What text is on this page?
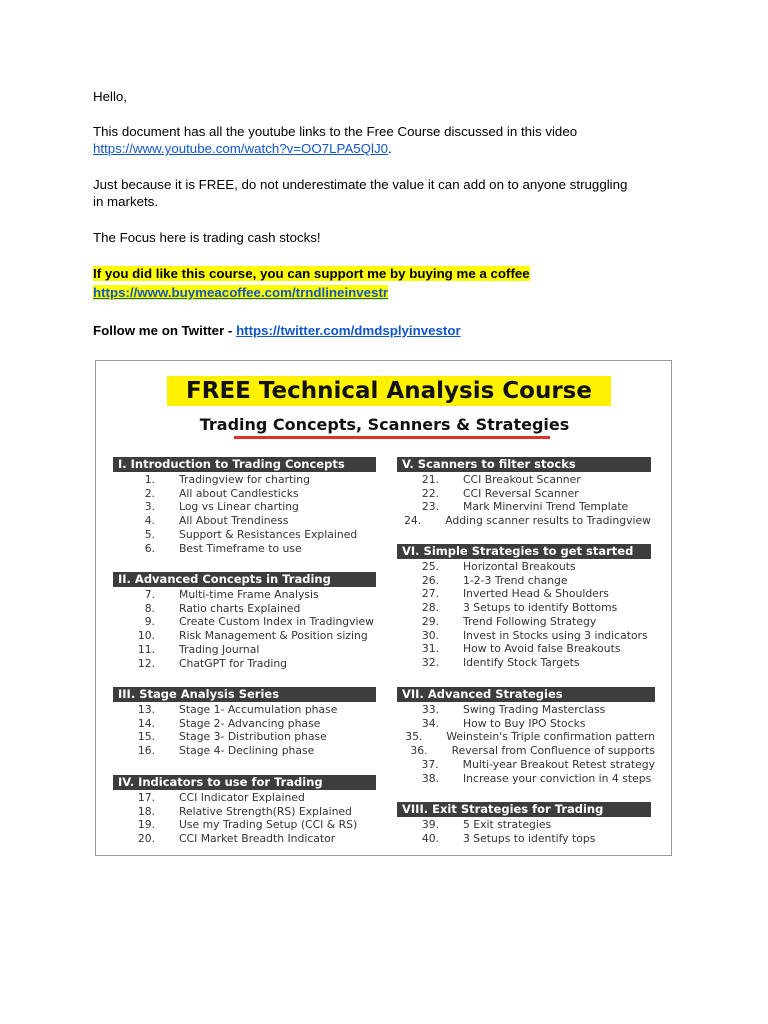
Hello,

This document has all the youtube links to the Free Course discussed in this video
https://www.youtube.com/watch?v=OO7LPA5QlJ0.

Just because it is FREE, do not underestimate the value it can add on to anyone struggling
in markets.

The Focus here is trading cash stocks!

If you did like this course, you can support me by buying me a coffee
https://www.buymeacoffee.com/trndlineinvestr

Follow me on Twitter - https://twitter.com/dmdsplyinvestor

FREE Technical Analysis Course
Trading Concepts, Scanners & Strategies
I. Introduction to Trading Concepts
1.	Tradingview for charting
2.	All about Candlesticks
3.	Log vs Linear charting
4.	All About Trendiness
5.	Support & Resistances Explained
6.	Best Timeframe to use
II. Advanced Concepts in Trading
7.	Multi-time Frame Analysis
8.	Ratio charts Explained
9.	Create Custom Index in Tradingview
10.	Risk Management & Position sizing
11.	Trading Journal
12.	ChatGPT for Trading
III. Stage Analysis Series
13.	Stage 1- Accumulation phase
14.	Stage 2- Advancing phase
15.	Stage 3- Distribution phase
16.	Stage 4- Declining phase
IV. Indicators to use for Trading
17.	CCI Indicator Explained
18.	Relative Strength(RS) Explained
19.	Use my Trading Setup (CCI & RS)
20.	CCI Market Breadth Indicator
V. Scanners to filter stocks
21.	CCI Breakout Scanner
22.	CCI Reversal Scanner
23.	Mark Minervini Trend Template
24.	Adding scanner results to Tradingview
VI. Simple Strategies to get started
25.	Horizontal Breakouts
26.	1-2-3 Trend change
27.	Inverted Head & Shoulders
28.	3 Setups to identify Bottoms
29.	Trend Following Strategy
30.	Invest in Stocks using 3 indicators
31.	How to Avoid false Breakouts
32.	Identify Stock Targets
VII. Advanced Strategies
33.	Swing Trading Masterclass
34.	How to Buy IPO Stocks
35.	Weinstein's Triple confirmation pattern
36.	Reversal from Confluence of supports
37.	Multi-year Breakout Retest strategy
38.	Increase your conviction in 4 steps
VIII. Exit Strategies for Trading
39.	5 Exit strategies
40.	3 Setups to identify tops
